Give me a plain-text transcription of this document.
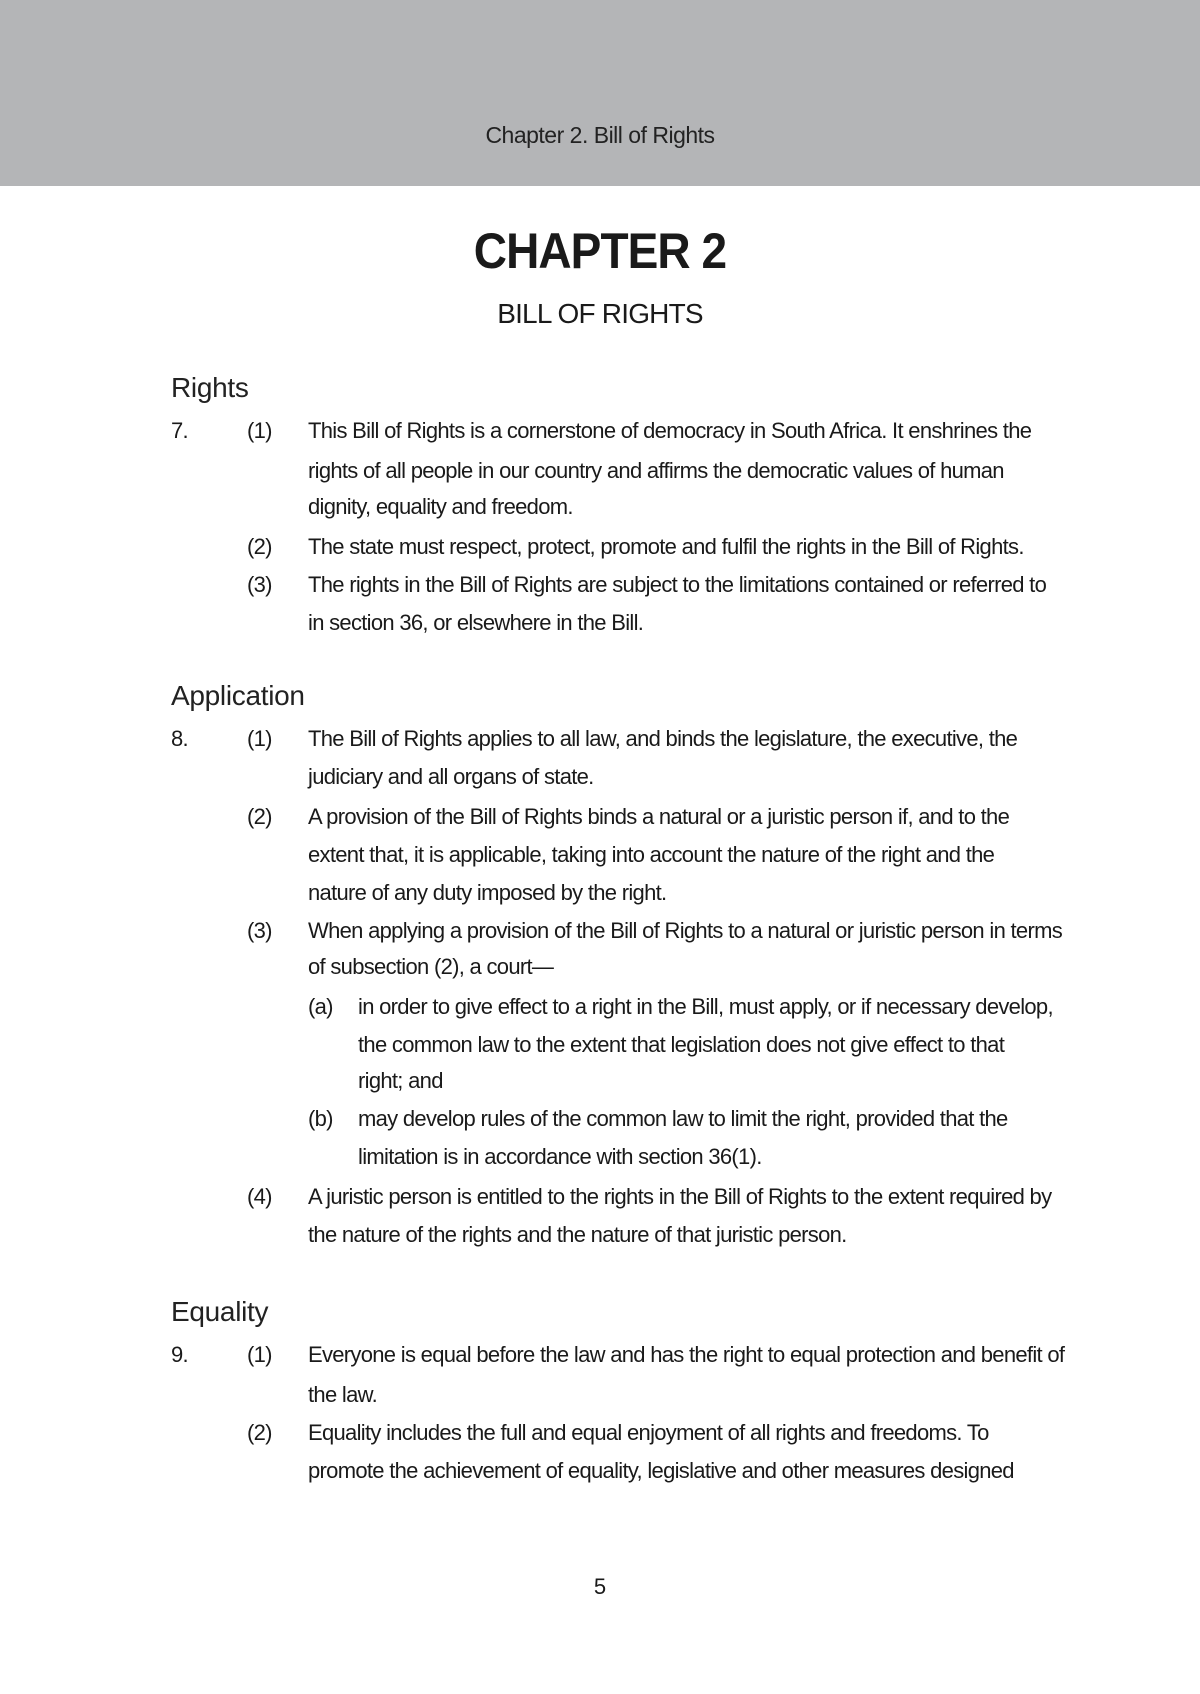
Chapter 2. Bill of Rights
CHAPTER 2
BILL OF RIGHTS
Rights
7.	(1) This Bill of Rights is a cornerstone of democracy in South Africa. It enshrines the
rights of all people in our country and affirms the democratic values of human
dignity, equality and freedom.
(2) The state must respect, protect, promote and fulfil the rights in the Bill of Rights.
(3) The rights in the Bill of Rights are subject to the limitations contained or referred to
in section 36, or elsewhere in the Bill.
Application
8.	(1) The Bill of Rights applies to all law, and binds the legislature, the executive, the
judiciary and all organs of state.
(2) A provision of the Bill of Rights binds a natural or a juristic person if, and to the
extent that, it is applicable, taking into account the nature of the right and the
nature of any duty imposed by the right.
(3) When applying a provision of the Bill of Rights to a natural or juristic person in terms
of subsection (2), a court—
(a) in order to give effect to a right in the Bill, must apply, or if necessary develop,
the common law to the extent that legislation does not give effect to that
right; and
(b) may develop rules of the common law to limit the right, provided that the
limitation is in accordance with section 36(1).
(4) A juristic person is entitled to the rights in the Bill of Rights to the extent required by
the nature of the rights and the nature of that juristic person.
Equality
9.	(1) Everyone is equal before the law and has the right to equal protection and benefit of
the law.
(2) Equality includes the full and equal enjoyment of all rights and freedoms. To
promote the achievement of equality, legislative and other measures designed
5
